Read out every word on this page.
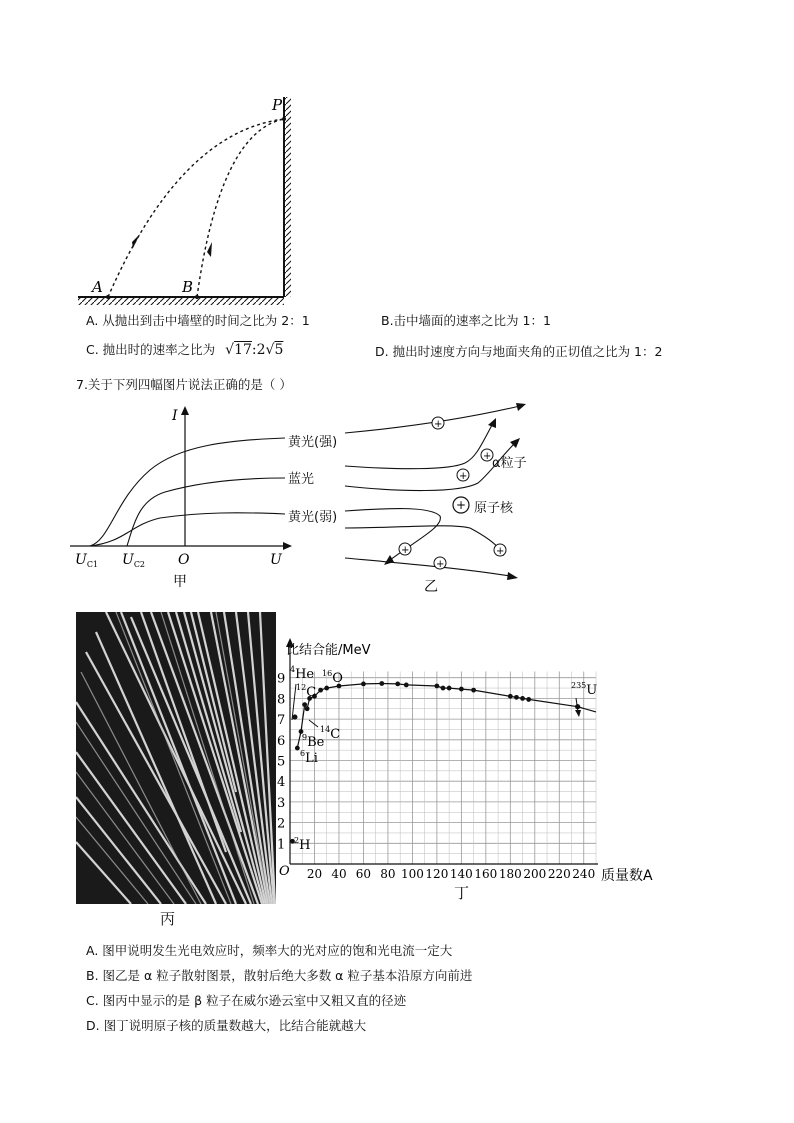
P
A	B
A. 从抛出到击中墙壁的时间之比为 2：1	B.击中墙面的速率之比为 1：1
C. 抛出时的速率之比为 √17:2√5	D. 抛出时速度方向与地面夹角的正切值之比为 1：2
7.关于下列四幅图片说法正确的是（ ）
I
U
O
$U_{C1}$ $U_{C2}$
甲
黄光(强)
蓝光
黄光(弱)
+
+
+
+
+	+
+
乙
α粒子
原子核
丙
1
2
3
4
5
6
7
8
9
20 40 60 80 100 120 140 160 180 200 220 240
比结合能/MeV
质量数A
O
$^4$He
$^{12}$C
$^{16}$O
$^{14}$C
$^9$Be
$^6$Li
$^2$H
$^{235}$U
丁
A. 图甲说明发生光电效应时，频率大的光对应的饱和光电流一定大
B. 图乙是 α 粒子散射图景，散射后绝大多数 α 粒子基本沿原方向前进
C. 图丙中显示的是 β 粒子在威尔逊云室中又粗又直的径迹
D. 图丁说明原子核的质量数越大，比结合能就越大
